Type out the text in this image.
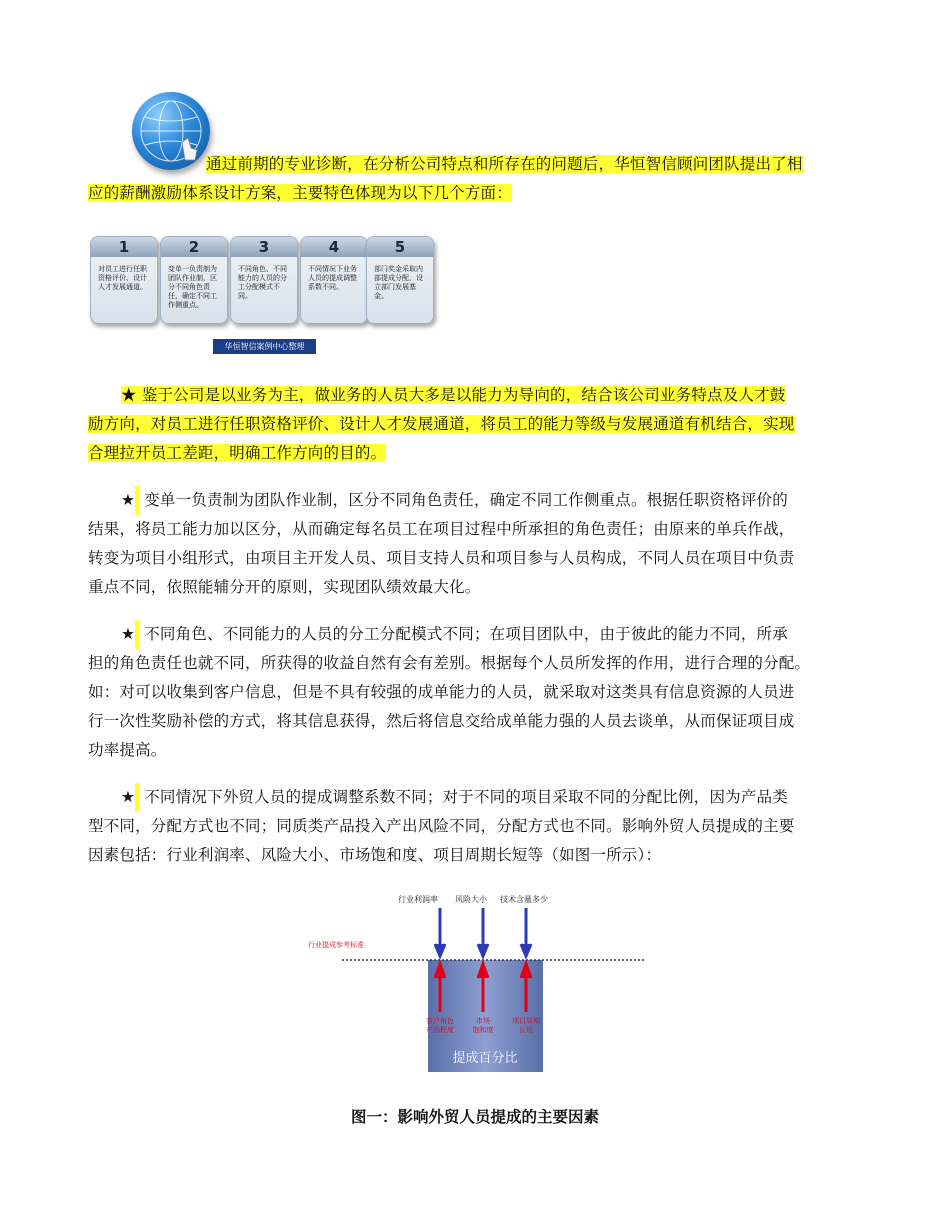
通过前期的专业诊断，在分析公司特点和所存在的问题后，华恒智信顾问团队提出了相

应的薪酬激励体系设计方案，主要特色体现为以下几个方面：

1
对员工进行任职资格评价、设计人才发展通道。
2
变单一负责制为团队作业制，区分不同角色责任，确定不同工作侧重点。
3
不同角色、不同能力的人员的分工分配模式不同。
4
不同情况下业务人员的提成调整系数不同。
5
部门奖金采取内部提成分配，设立部门发展基金。
华恒智信案例中心整理

★ 鉴于公司是以业务为主，做业务的人员大多是以能力为导向的，结合该公司业务特点及人才鼓

励方向，对员工进行任职资格评价、设计人才发展通道，将员工的能力等级与发展通道有机结合，实现

合理拉开员工差距，明确工作方向的目的。

★  变单一负责制为团队作业制，区分不同角色责任，确定不同工作侧重点。根据任职资格评价的

结果，将员工能力加以区分，从而确定每名员工在项目过程中所承担的角色责任；由原来的单兵作战，

转变为项目小组形式，由项目主开发人员、项目支持人员和项目参与人员构成，不同人员在项目中负责

重点不同，依照能辅分开的原则，实现团队绩效最大化。

★  不同角色、不同能力的人员的分工分配模式不同；在项目团队中，由于彼此的能力不同，所承

担的角色责任也就不同，所获得的收益自然有会有差别。根据每个人员所发挥的作用，进行合理的分配。

如：对可以收集到客户信息，但是不具有较强的成单能力的人员，就采取对这类具有信息资源的人员进

行一次性奖励补偿的方式，将其信息获得，然后将信息交给成单能力强的人员去谈单，从而保证项目成

功率提高。

★  不同情况下外贸人员的提成调整系数不同；对于不同的项目采取不同的分配比例，因为产品类

型不同，分配方式也不同；同质类产品投入产出风险不同，分配方式也不同。影响外贸人员提成的主要

因素包括：行业利润率、风险大小、市场饱和度、项目周期长短等（如图一所示）：

行业利润率 风险大小 技术含量多少
行业提成参考标准
客户角色产品程度
市场饱和度
项目周期长短
提成百分比
图一：影响外贸人员提成的主要因素
